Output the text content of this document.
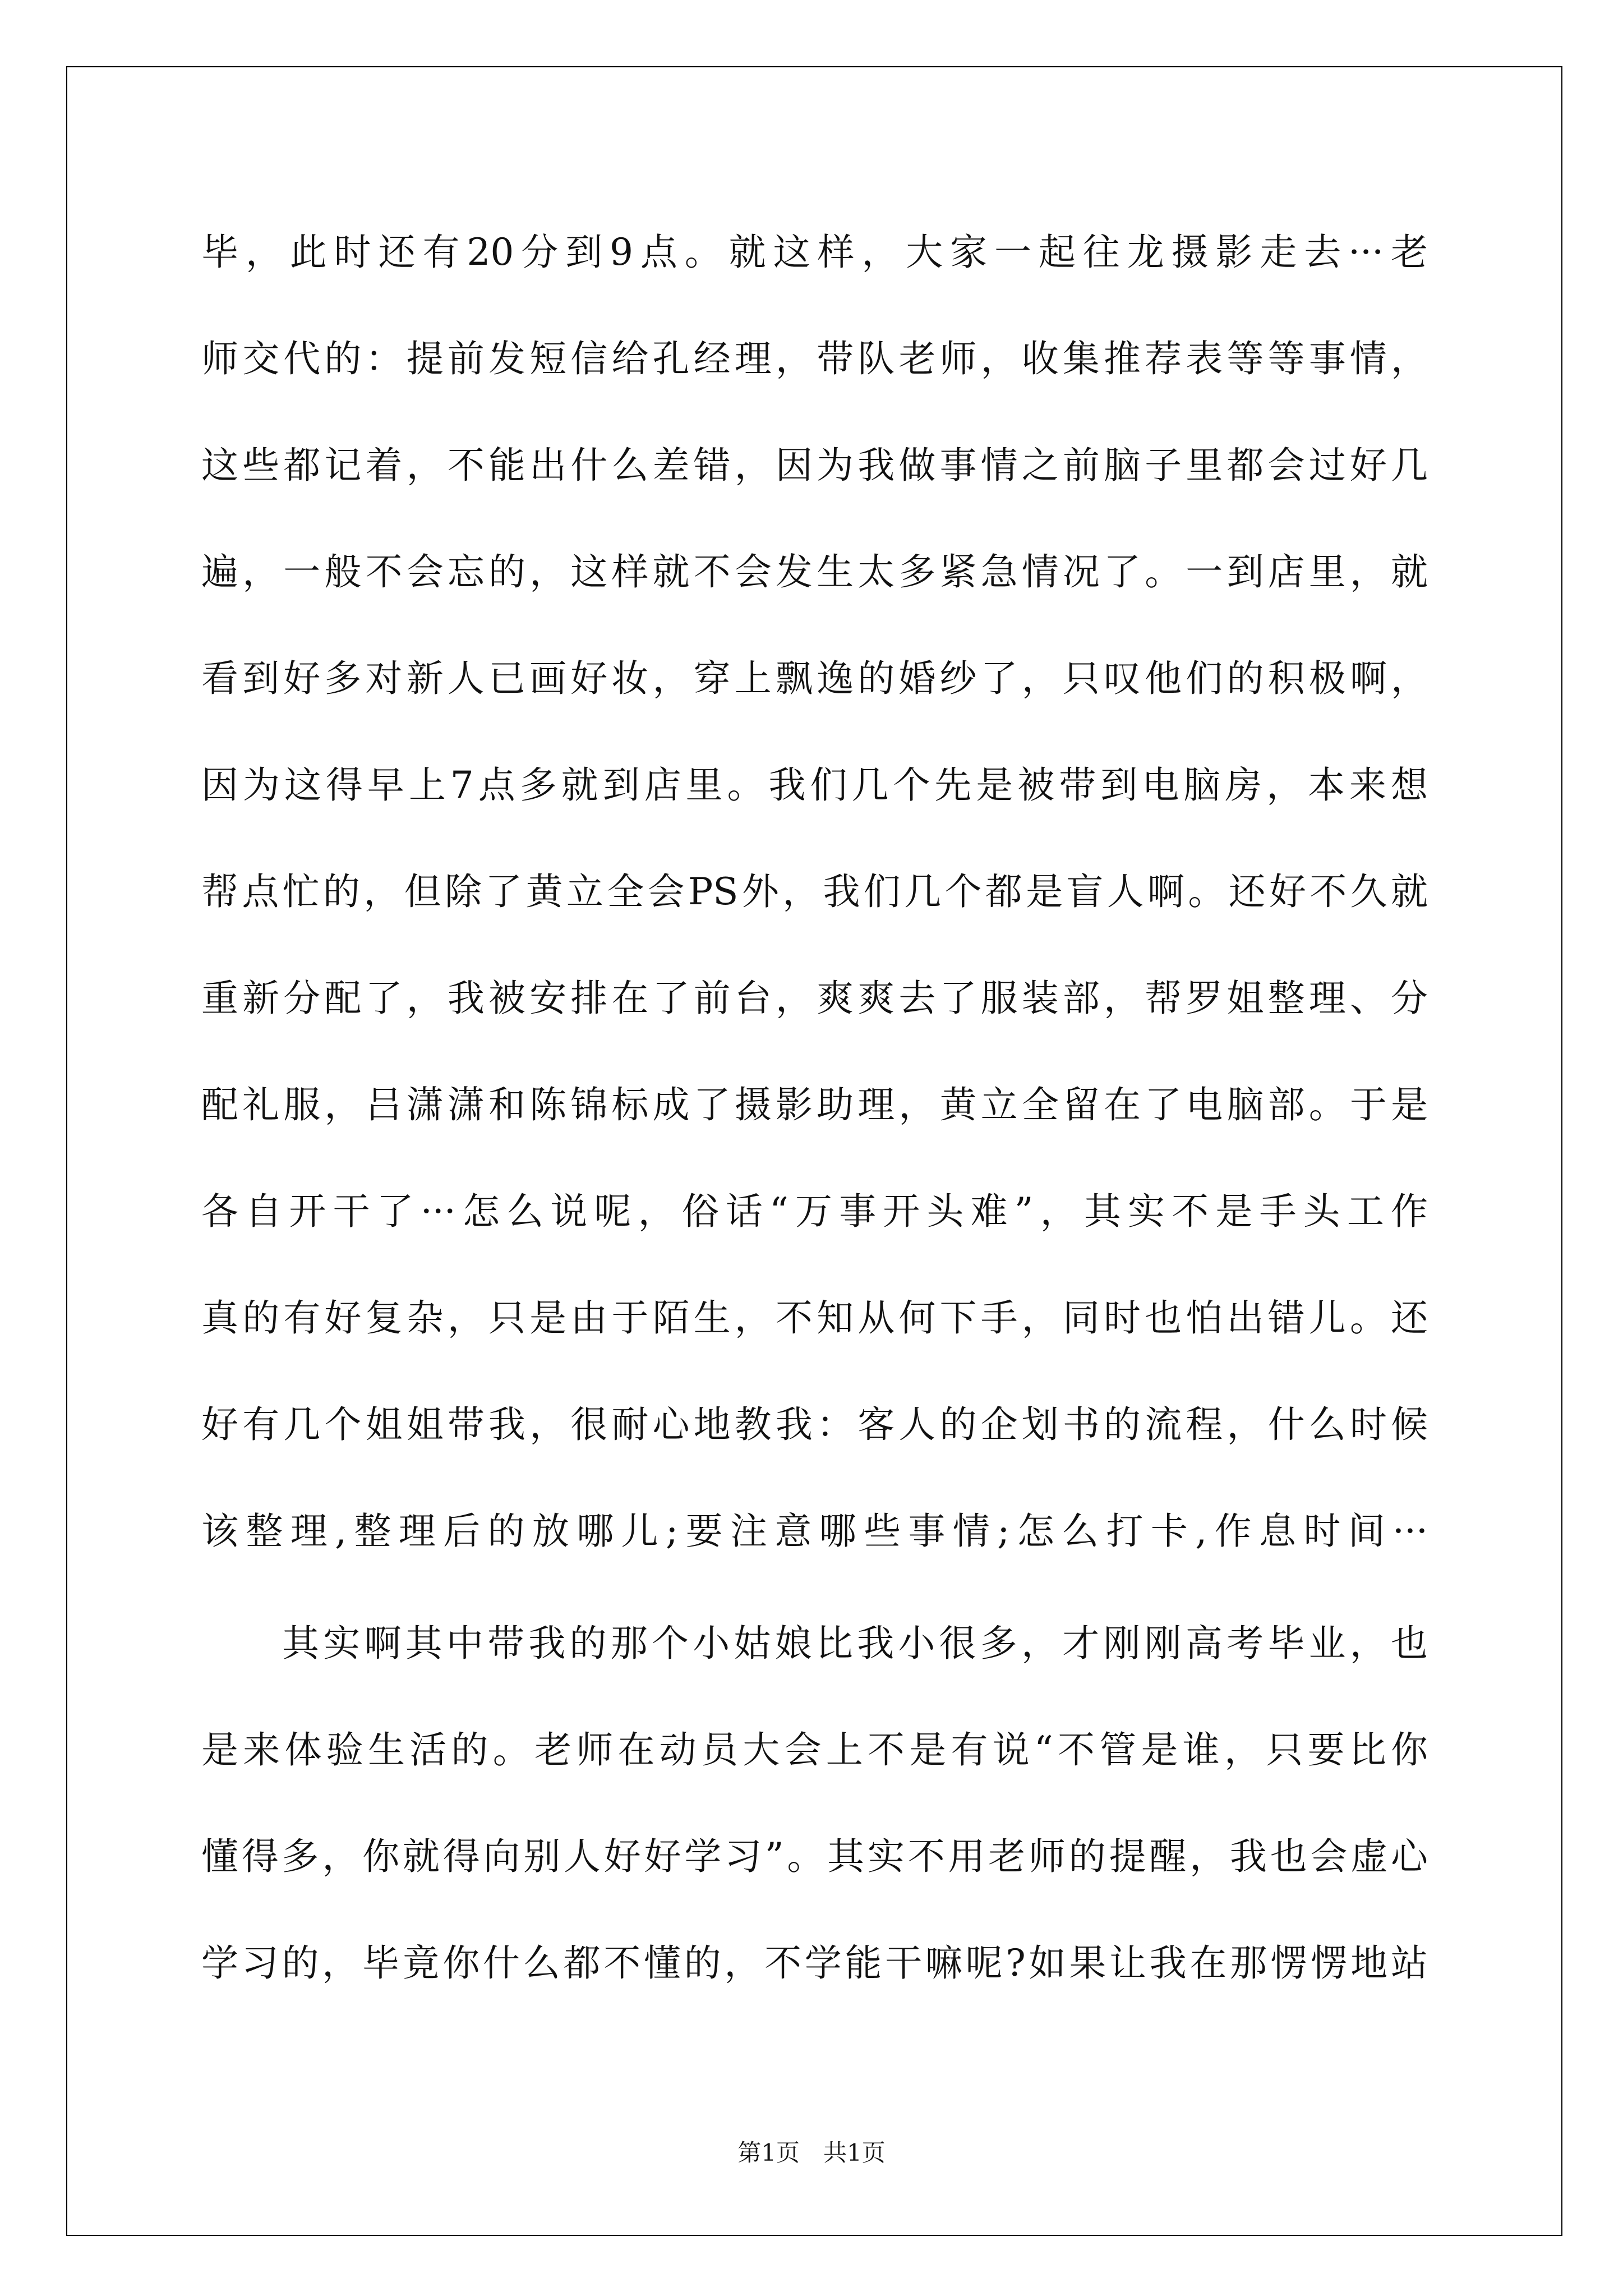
毕，此时还有20分到9点。就这样，大家一起往龙摄影走去···老
师交代的：提前发短信给孔经理，带队老师，收集推荐表等等事情，
这些都记着，不能出什么差错，因为我做事情之前脑子里都会过好几
遍，一般不会忘的，这样就不会发生太多紧急情况了。一到店里，就
看到好多对新人已画好妆，穿上飘逸的婚纱了，只叹他们的积极啊，
因为这得早上7点多就到店里。我们几个先是被带到电脑房，本来想
帮点忙的，但除了黄立全会PS外，我们几个都是盲人啊。还好不久就
重新分配了，我被安排在了前台，爽爽去了服装部，帮罗姐整理、分
配礼服，吕潇潇和陈锦标成了摄影助理，黄立全留在了电脑部。于是
各自开干了···怎么说呢，俗话“万事开头难”，其实不是手头工作
真的有好复杂，只是由于陌生，不知从何下手，同时也怕出错儿。还
好有几个姐姐带我，很耐心地教我：客人的企划书的流程，什么时候
该整理,整理后的放哪儿;要注意哪些事情;怎么打卡,作息时间···
其实啊其中带我的那个小姑娘比我小很多，才刚刚高考毕业，也
是来体验生活的。老师在动员大会上不是有说“不管是谁，只要比你
懂得多，你就得向别人好好学习”。其实不用老师的提醒，我也会虚心
学习的，毕竟你什么都不懂的，不学能干嘛呢?如果让我在那愣愣地站
第1页　共1页
